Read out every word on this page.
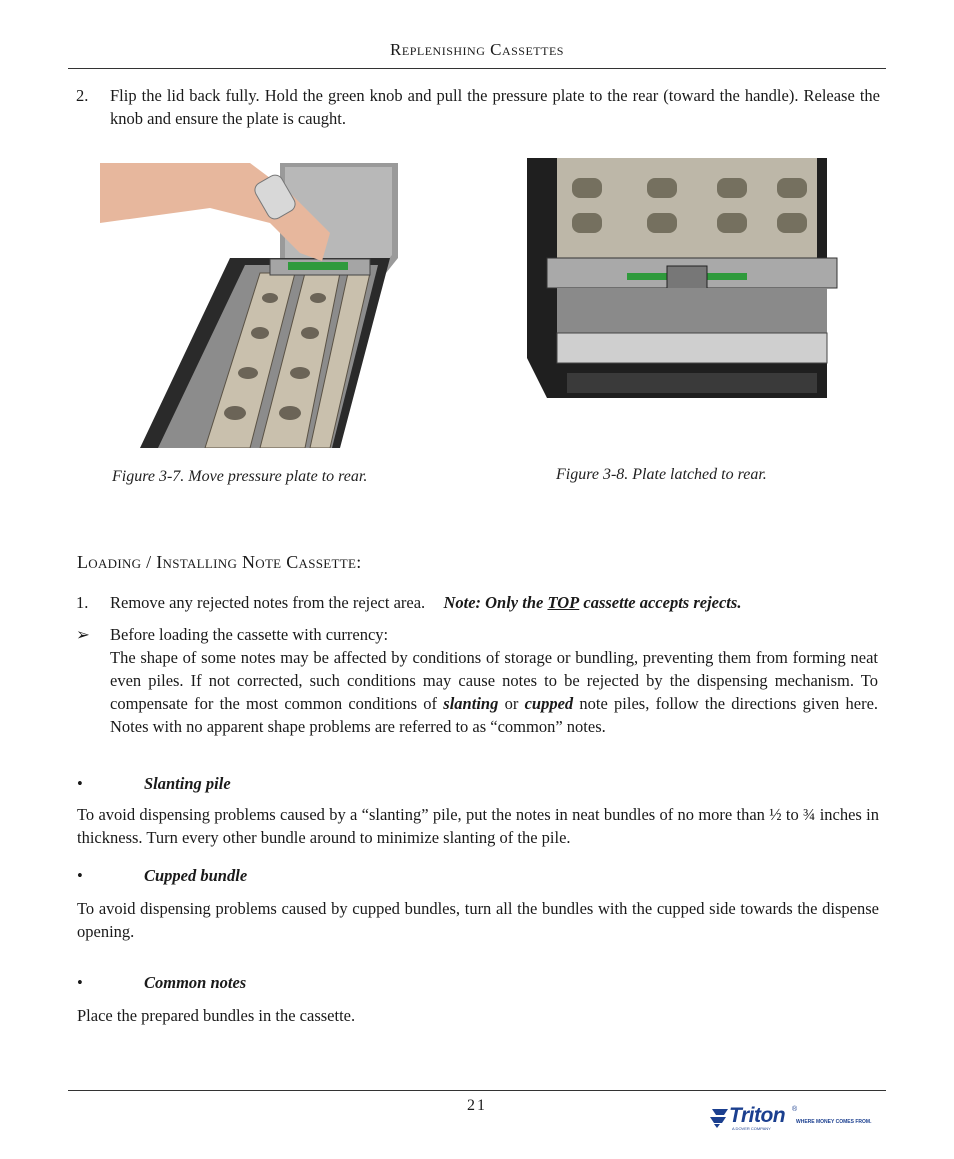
Replenishing Cassettes
2. Flip the lid back fully. Hold the green knob and pull the pressure plate to the rear (toward the handle). Release the knob and ensure the plate is caught.
Figure 3-7. Move pressure plate to rear.	Figure 3-8. Plate latched to rear.
Loading / Installing Note Cassette:
1. Remove any rejected notes from the reject area. Note: Only the TOP cassette accepts rejects.
➢ Before loading the cassette with currency:
The shape of some notes may be affected by conditions of storage or bundling, preventing them from forming neat even piles. If not corrected, such conditions may cause notes to be rejected by the dispensing mechanism. To compensate for the most common conditions of slanting or cupped note piles, follow the directions given here. Notes with no apparent shape problems are referred to as “common” notes.
•	Slanting pile
To avoid dispensing problems caused by a “slanting” pile, put the notes in neat bundles of no more than ½ to ¾ inches in thickness. Turn every other bundle around to minimize slanting of the pile.
•	Cupped bundle
To avoid dispensing problems caused by cupped bundles, turn all the bundles with the cupped side towards the dispense opening.
•	Common notes
Place the prepared bundles in the cassette.
21	Triton ®
WHERE MONEY COMES FROM.
A DOVER COMPANY
